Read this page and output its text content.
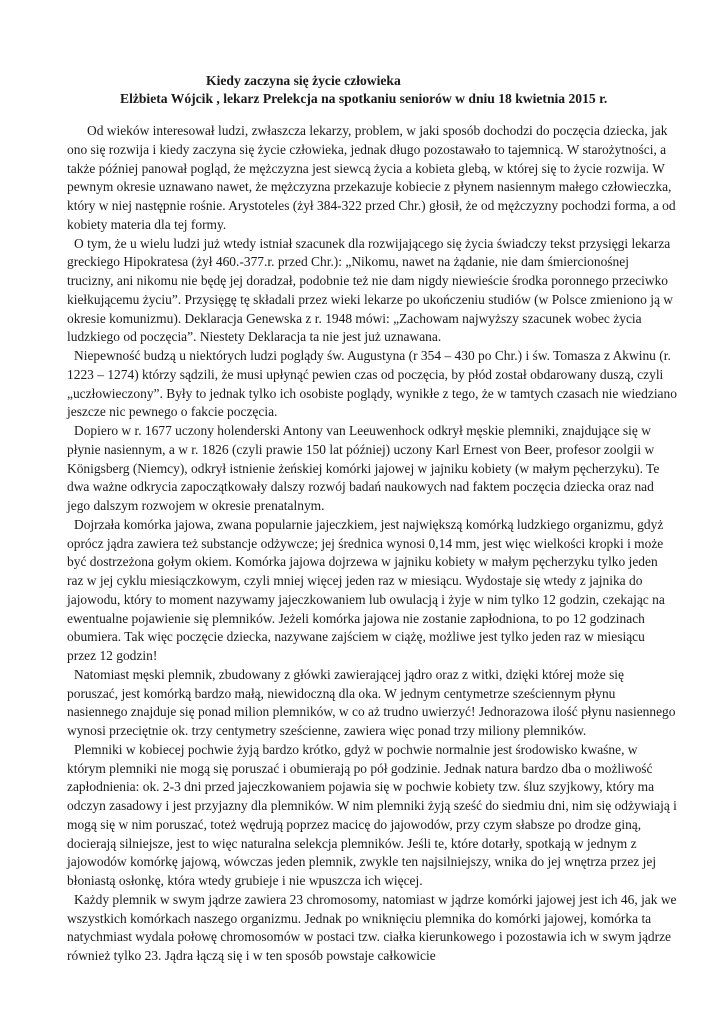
Kiedy zaczyna się życie człowieka
Elżbieta Wójcik , lekarz Prelekcja na spotkaniu seniorów w dniu 18 kwietnia 2015 r.

Od wieków interesował ludzi, zwłaszcza lekarzy, problem, w jaki sposób dochodzi do poczęcia dziecka, jak ono się rozwija i kiedy zaczyna się życie człowieka, jednak długo pozostawało to tajemnicą. W starożytności, a także później panował pogląd, że mężczyzna jest siewcą życia a kobieta glebą, w której się to życie rozwija. W pewnym okresie uznawano nawet, że mężczyzna przekazuje kobiecie z płynem nasiennym małego człowieczka, który w niej następnie rośnie. Arystoteles (żył 384-322 przed Chr.) głosił, że od mężczyzny pochodzi forma, a od kobiety materia dla tej formy.

O tym, że u wielu ludzi już wtedy istniał szacunek dla rozwijającego się życia świadczy tekst przysięgi lekarza greckiego Hipokratesa (żył 460.-377.r. przed Chr.): „Nikomu, nawet na żądanie, nie dam śmiercionośnej trucizny, ani nikomu nie będę jej doradzał, podobnie też nie dam nigdy niewieście środka poronnego przeciwko kiełkującemu życiu”. Przysięgę tę składali przez wieki lekarze po ukończeniu studiów (w Polsce zmieniono ją w okresie komunizmu). Deklaracja Genewska z r. 1948 mówi: „Zachowam najwyższy szacunek wobec życia ludzkiego od poczęcia”. Niestety Deklaracja ta nie jest już uznawana.

Niepewność budzą u niektórych ludzi poglądy św. Augustyna (r 354 – 430 po Chr.) i św. Tomasza z Akwinu (r. 1223 – 1274) którzy sądzili, że musi upłynąć pewien czas od poczęcia, by płód został obdarowany duszą, czyli „uczłowieczony”. Były to jednak tylko ich osobiste poglądy, wynikłe z tego, że w tamtych czasach nie wiedziano jeszcze nic pewnego o fakcie poczęcia.

Dopiero w r. 1677 uczony holenderski Antony van Leeuwenhock odkrył męskie plemniki, znajdujące się w płynie nasiennym, a w r. 1826 (czyli prawie 150 lat później) uczony Karl Ernest von Beer, profesor zoolgii w Königsberg (Niemcy), odkrył istnienie żeńskiej komórki jajowej w jajniku kobiety (w małym pęcherzyku). Te dwa ważne odkrycia zapoczątkowały dalszy rozwój badań naukowych nad faktem poczęcia dziecka oraz nad jego dalszym rozwojem w okresie prenatalnym.

Dojrzała komórka jajowa, zwana popularnie jajeczkiem, jest największą komórką ludzkiego organizmu, gdyż oprócz jądra zawiera też substancje odżywcze; jej średnica wynosi 0,14 mm, jest więc wielkości kropki i może być dostrzeżona gołym okiem. Komórka jajowa dojrzewa w jajniku kobiety w małym pęcherzyku tylko jeden raz w jej cyklu miesiączkowym, czyli mniej więcej jeden raz w miesiącu. Wydostaje się wtedy z jajnika do jajowodu, który to moment nazywamy jajeczkowaniem lub owulacją i żyje w nim tylko 12 godzin, czekając na ewentualne pojawienie się plemników. Jeżeli komórka jajowa nie zostanie zapłodniona, to po 12 godzinach obumiera. Tak więc poczęcie dziecka, nazywane zajściem w ciążę, możliwe jest tylko jeden raz w miesiącu przez 12 godzin!

Natomiast męski plemnik, zbudowany z główki zawierającej jądro oraz z witki, dzięki której może się poruszać, jest komórką bardzo małą, niewidoczną dla oka. W jednym centymetrze sześciennym płynu nasiennego znajduje się ponad milion plemników, w co aż trudno uwierzyć! Jednorazowa ilość płynu nasiennego wynosi przeciętnie ok. trzy centymetry sześcienne, zawiera więc ponad trzy miliony plemników.

Plemniki w kobiecej pochwie żyją bardzo krótko, gdyż w pochwie normalnie jest środowisko kwaśne, w którym plemniki nie mogą się poruszać i obumierają po pół godzinie. Jednak natura bardzo dba o możliwość zapłodnienia: ok. 2-3 dni przed jajeczkowaniem pojawia się w pochwie kobiety tzw. śluz szyjkowy, który ma odczyn zasadowy i jest przyjazny dla plemników. W nim plemniki żyją sześć do siedmiu dni, nim się odżywiają i mogą się w nim poruszać, toteż wędrują poprzez macicę do jajowodów, przy czym słabsze po drodze giną, docierają silniejsze, jest to więc naturalna selekcja plemników. Jeśli te, które dotarły, spotkają w jednym z jajowodów komórkę jajową, wówczas jeden plemnik, zwykle ten najsilniejszy, wnika do jej wnętrza przez jej błoniastą osłonkę, która wtedy grubieje i nie wpuszcza ich więcej.

Każdy plemnik w swym jądrze zawiera 23 chromosomy, natomiast w jądrze komórki jajowej jest ich 46, jak we wszystkich komórkach naszego organizmu. Jednak po wniknięciu plemnika do komórki jajowej, komórka ta natychmiast wydala połowę chromosomów w postaci tzw. ciałka kierunkowego i pozostawia ich w swym jądrze również tylko 23. Jądra łączą się i w ten sposób powstaje całkowicie
